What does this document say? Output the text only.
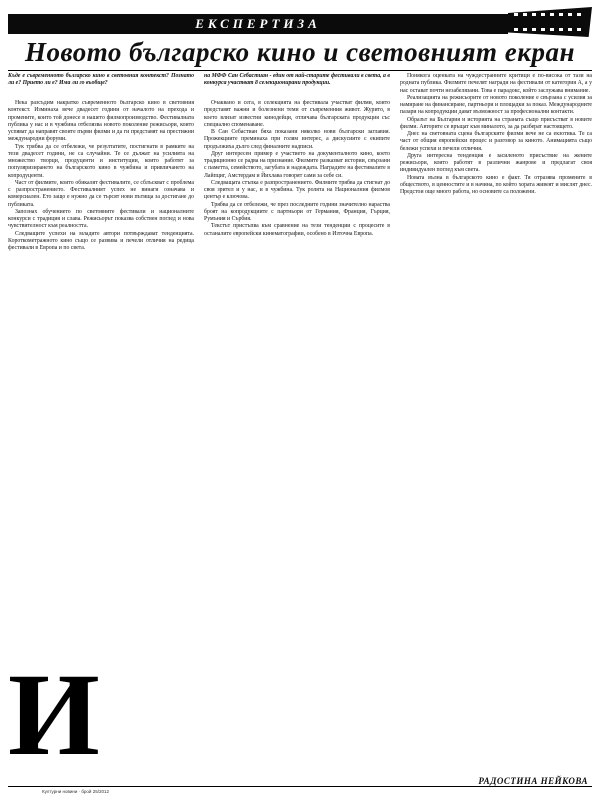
ЕКСПЕРТИЗА
Новото българско кино и световният екран

Къде е съвременното българско кино в световния контекст? Познато ли е? Прието ли е? Има ли го въобще?

на МФФ Сан Себастиан - един от най-старите фестивали в света, а в конкурса участват 8 селекционирани продукции.

Нека разсъдим накратко съвременното българско кино в световния контекст. Изминаха вече двадесет години от началото на прехода и промените, които той донесе в нашето филмопроизводство. Фестивалната публика у нас и в чужбина отбелязва новото поколение режисьори, които успяват да направят своите първи филми и да ги представят на престижни международни форуми.

Тук трябва да се отбележи, че резултатите, постигнати в рамките на тези двадесет години, не са случайни. Те се дължат на усилията на множество творци, продуценти и институции, които работят за популяризирането на българското кино в чужбина и привличането на копродуценти.

Част от филмите, които обикалят фестивалите, се сблъскват с проблема с разпространението. Фестивалният успех не винаги означава и комерсиален. Ето защо е нужно да се търсят нови пътища за достигане до публиката.

Запознах обучението по световните фестивали и националните конкурси с традиция и слава. Режисьорът показва собствен поглед и нова чувствителност към реалността.

Следващите успехи на младите автори потвърждават тенденцията. Короткометражното кино също се развива и печели отличия на редица фестивали в Европа и по света.

И

Очаквано и сега, в селекцията на фестивала участват филми, които представят важни и болезнени теми от съвременния живот. Журито, в което влизат известни кинодейци, отличава българската продукция със специално споменаване.

В Сан Себастиан бяха показани няколко нови български заглавия. Прожекциите преминаха при голям интерес, а дискусиите с екипите продължиха дълго след финалните надписи.

Друг интересен пример е участието на документалното кино, което традиционно се радва на признание. Филмите разказват истории, свързани с паметта, семейството, загубата и надеждата. Наградите на фестивалите в Лайпциг, Амстердам и Йихлава говорят сами за себе си.

Следващата стъпка е разпространението. Филмите трябва да стигнат до своя зрител и у нас, и в чужбина. Тук ролята на Националния филмов център е ключова.

Трябва да се отбележи, че през последните години значително нараства броят на копродукциите с партньори от Германия, Франция, Гърция, Румъния и Сърбия.

Текстът пристъпва към сравнение на тези тенденции с процесите в останалите европейски кинематографии, особено в Източна Европа.

Понякога оценката на чуждестранните критици е по-висока от тази на родната публика. Филмите печелят награди на фестивали от категория А, а у нас остават почти незабелязани. Това е парадокс, който заслужава внимание.

Реализацията на режисьорите от новото поколение е свързана с усилия за намиране на финансиране, партньори и площадки за показ. Международните пазари на копродукции дават възможност за професионални контакти.

Образът на България и историята на страната също присъстват в новите филми. Авторите се връщат към миналото, за да разберат настоящето.

Днес на световната сцена българските филми вече не са екзотика. Те са част от общия европейски процес и разговор за киното. Анимацията също бележи успехи и печели отличия.

Друга интересна тенденция е засиленото присъствие на жените режисьори, които работят в различни жанрове и предлагат своя индивидуален поглед към света.

Новата вълна в българското кино е факт. Тя отразява промените в обществото, в ценностите и в начина, по който хората живеят и мислят днес. Предстои още много работа, но основите са положени.

РАДОСТИНА НЕЙКОВА
Културни новини · брой 25/2012
